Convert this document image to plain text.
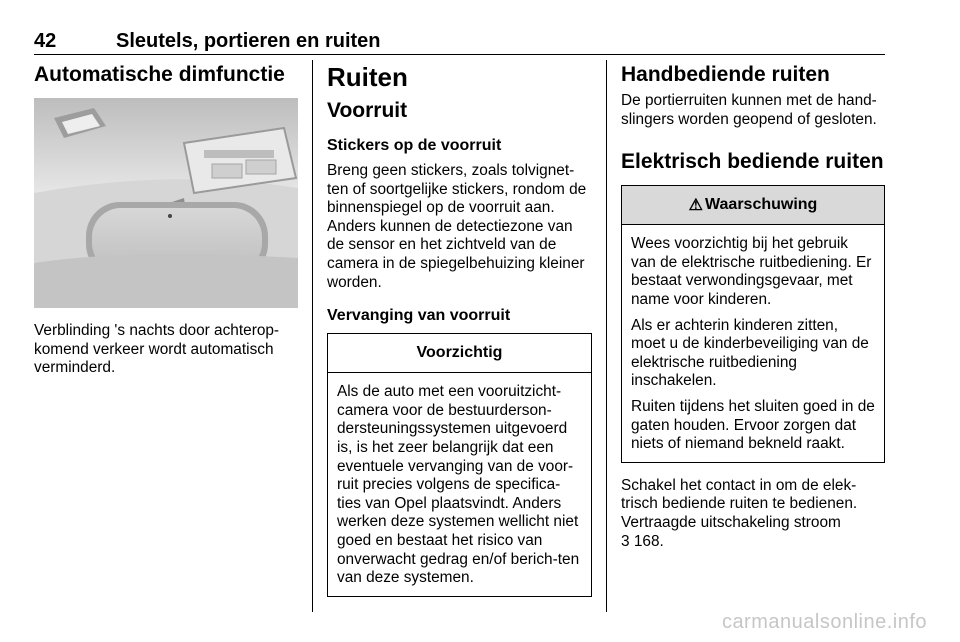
42	Sleutels, portieren en ruiten
Automatische dimfunctie

Verblinding 's nachts door achterop-komend verkeer wordt automatisch verminderd.

Ruiten
Voorruit
Stickers op de voorruit

Breng geen stickers, zoals tolvignet-ten of soortgelijke stickers, rondom de binnenspiegel op de voorruit aan. Anders kunnen de detectiezone van de sensor en het zichtveld van de camera in de spiegelbehuizing kleiner worden.

Vervanging van voorruit
Voorzichtig

Als de auto met een vooruitzicht-camera voor de bestuurderson-dersteuningssystemen uitgevoerd is, is het zeer belangrijk dat een eventuele vervanging van de voor-ruit precies volgens de specifica-ties van Opel plaatsvindt. Anders werken deze systemen wellicht niet goed en bestaat het risico van onverwacht gedrag en/of berich-ten van deze systemen.

Handbediende ruiten

De portierruiten kunnen met de hand-slingers worden geopend of gesloten.

Elektrisch bediende ruiten
⚠ Waarschuwing

Wees voorzichtig bij het gebruik van de elektrische ruitbediening. Er bestaat verwondingsgevaar, met name voor kinderen.

Als er achterin kinderen zitten, moet u de kinderbeveiliging van de elektrische ruitbediening inschakelen.

Ruiten tijdens het sluiten goed in de gaten houden. Ervoor zorgen dat niets of niemand bekneld raakt.

Schakel het contact in om de elek-trisch bediende ruiten te bedienen. Vertraagde uitschakeling stroom
3 168.

carmanualsonline.info
